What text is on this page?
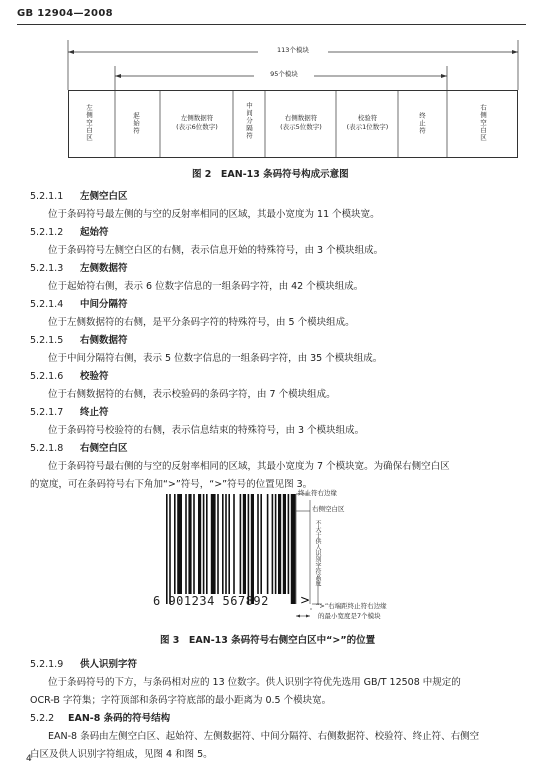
GB 12904—2008
113个模块
95个模块
左侧空白区	起始符	左侧数据符
(表示6位数字)	中间分隔符	右侧数据符
(表示5位数字)
校验符
(表示1位数字)	终止符	右侧空白区
图 2　EAN-13 条码符号构成示意图
5.2.1.1 左侧空白区
位于条码符号最左侧的与空的反射率相同的区域，其最小宽度为 11 个模块宽。
5.2.1.2 起始符
位于条码符号左侧空白区的右侧，表示信息开始的特殊符号，由 3 个模块组成。
5.2.1.3 左侧数据符
位于起始符右侧，表示 6 位数字信息的一组条码字符，由 42 个模块组成。
5.2.1.4 中间分隔符
位于左侧数据符的右侧，是平分条码字符的特殊符号，由 5 个模块组成。
5.2.1.5 右侧数据符
位于中间分隔符右侧，表示 5 位数字信息的一组条码字符，由 35 个模块组成。
5.2.1.6 校验符
位于右侧数据符的右侧，表示校验码的条码字符，由 7 个模块组成。
5.2.1.7 终止符
位于条码符号校验符的右侧，表示信息结束的特殊符号，由 3 个模块组成。
5.2.1.8 右侧空白区
位于条码符号最右侧的与空的反射率相同的区域，其最小宽度为 7 个模块宽。为确保右侧空白区
的宽度，可在条码符号右下角加“>”符号，“>”符号的位置见图 3。
>
终止符右边缘
右侧空白区
不大于供人识别字符高度
6 901234 567892	“>”右端距终止符右边缘
的最小宽度是7个模块
图 3　EAN-13 条码符号右侧空白区中“>”的位置
5.2.1.9 供人识别字符
位于条码符号的下方，与条码相对应的 13 位数字。供人识别字符优先选用 GB/T 12508 中规定的
OCR-B 字符集；字符顶部和条码字符底部的最小距离为 0.5 个模块宽。
5.2.2 EAN-8 条码的符号结构
EAN-8 条码由左侧空白区、起始符、左侧数据符、中间分隔符、右侧数据符、校验符、终止符、右侧空
白区及供人识别字符组成，见图 4 和图 5。
4
